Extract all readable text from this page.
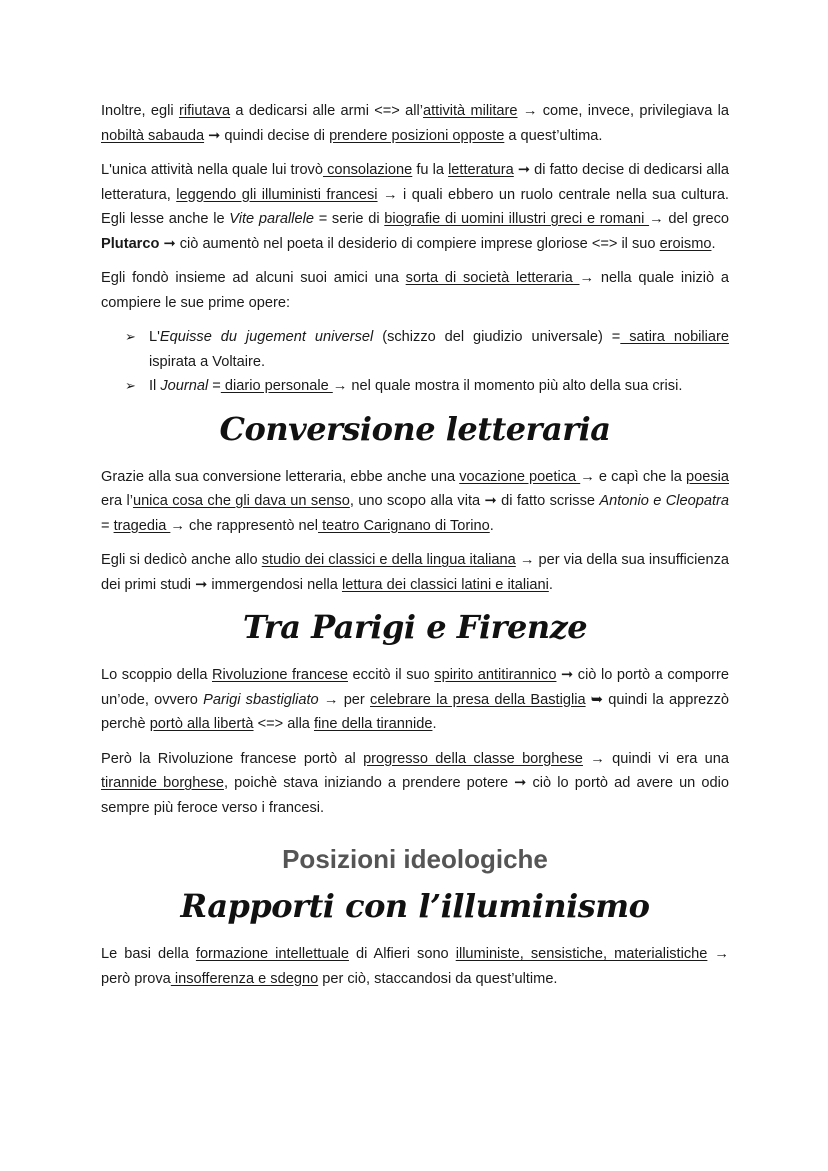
Inoltre, egli rifiutava a dedicarsi alle armi <=> all’attività militare → come, invece, privilegiava la nobiltà sabauda ➞ quindi decise di prendere posizioni opposte a quest’ultima.

L'unica attività nella quale lui trovò consolazione fu la letteratura ➞ di fatto decise di dedicarsi alla letteratura, leggendo gli illuministi francesi → i quali ebbero un ruolo centrale nella sua cultura. Egli lesse anche le Vite parallele = serie di biografie di uomini illustri greci e romani → del greco Plutarco ➞ ciò aumentò nel poeta il desiderio di compiere imprese gloriose <=> il suo eroismo.

Egli fondò insieme ad alcuni suoi amici una sorta di società letteraria → nella quale iniziò a compiere le sue prime opere:

➢ L'Equisse du jugement universel (schizzo del giudizio universale) = satira nobiliare ispirata a Voltaire.
➢ Il Journal = diario personale → nel quale mostra il momento più alto della sua crisi.
Conversione letteraria

Grazie alla sua conversione letteraria, ebbe anche una vocazione poetica → e capì che la poesia era l’unica cosa che gli dava un senso, uno scopo alla vita ➞ di fatto scrisse Antonio e Cleopatra = tragedia → che rappresentò nel teatro Carignano di Torino.

Egli si dedicò anche allo studio dei classici e della lingua italiana → per via della sua insufficienza dei primi studi ➞ immergendosi nella lettura dei classici latini e italiani.

Tra Parigi e Firenze

Lo scoppio della Rivoluzione francese eccitò il suo spirito antitirannico ➞ ciò lo portò a comporre un’ode, ovvero Parigi sbastigliato → per celebrare la presa della Bastiglia ➥ quindi la apprezzò perchè portò alla libertà <=> alla fine della tirannide.

Però la Rivoluzione francese portò al progresso della classe borghese → quindi vi era una tirannide borghese, poichè stava iniziando a prendere potere ➞ ciò lo portò ad avere un odio sempre più feroce verso i francesi.

Posizioni ideologiche
Rapporti con l’illuminismo

Le basi della formazione intellettuale di Alfieri sono illuministe, sensistiche, materialistiche → però prova insofferenza e sdegno per ciò, staccandosi da quest’ultime.
